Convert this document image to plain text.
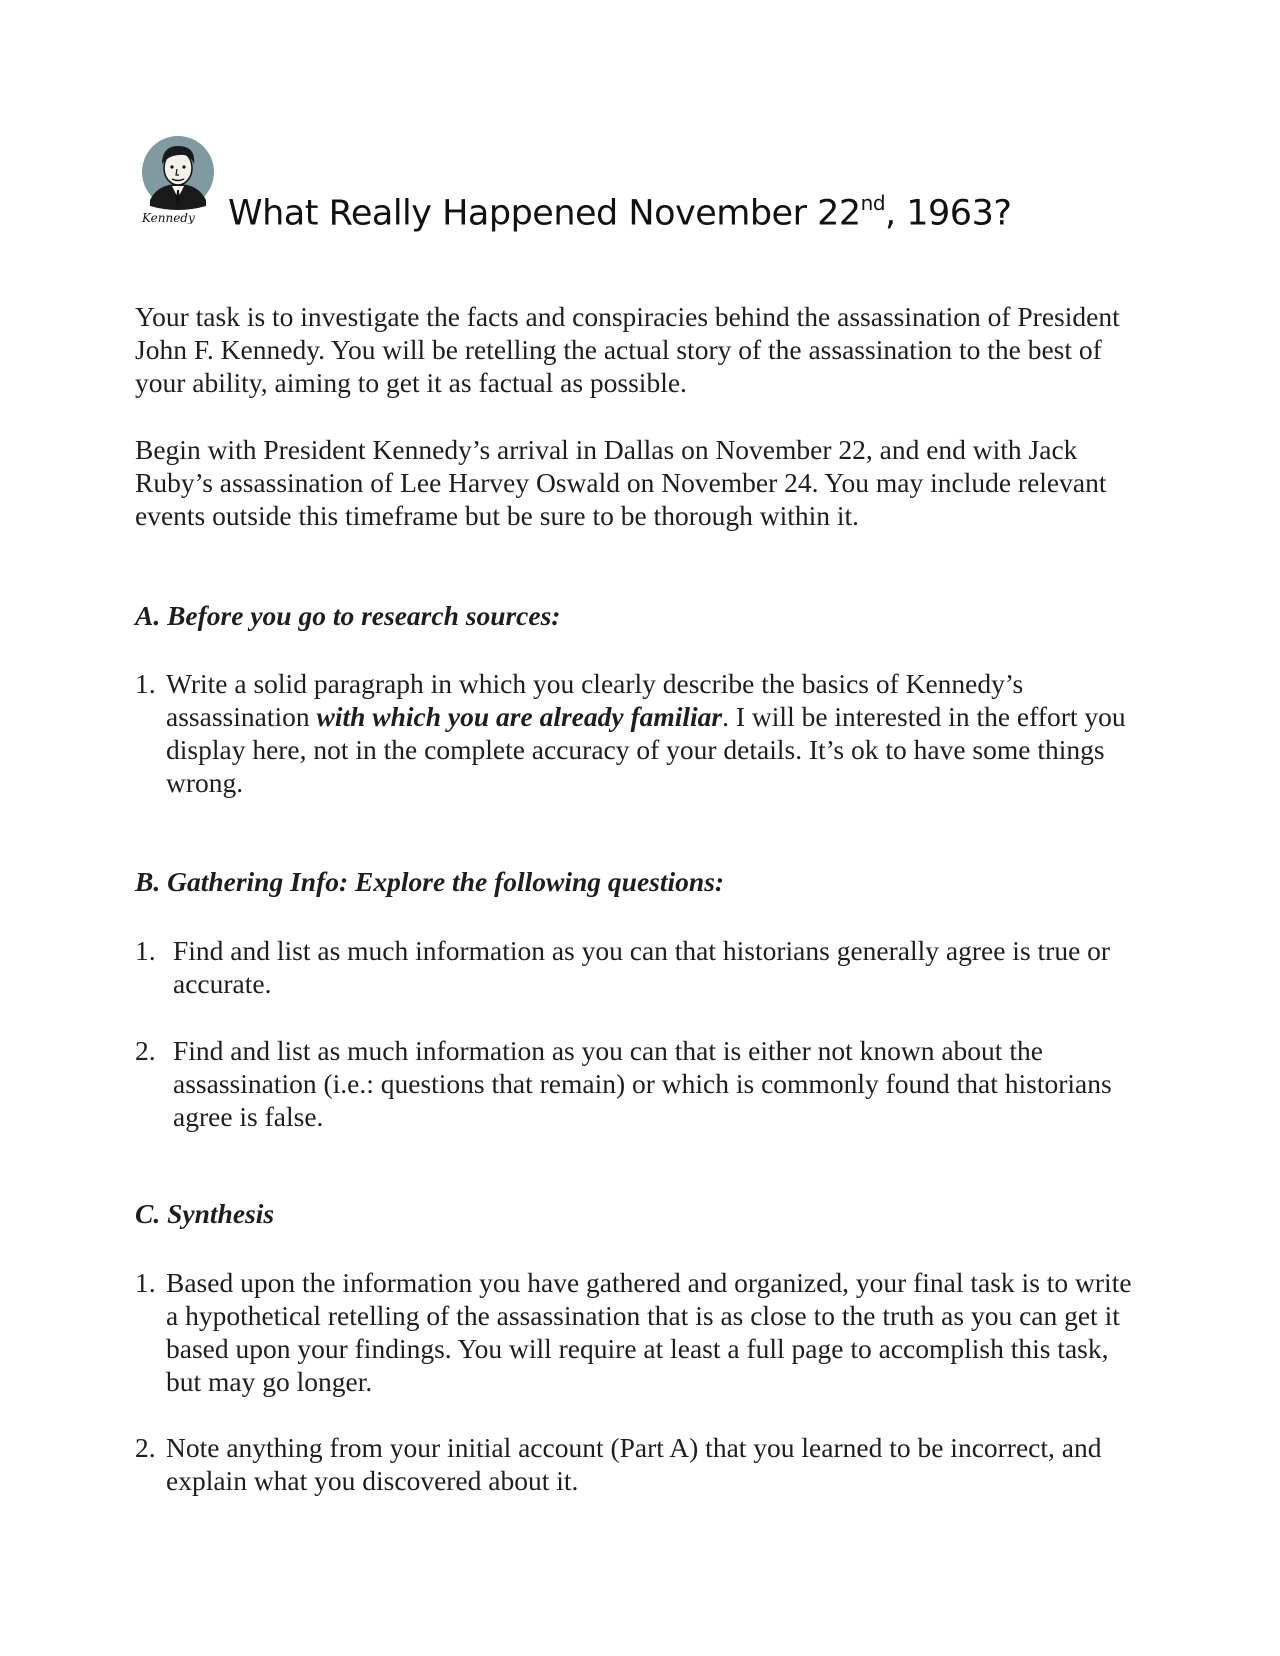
Kennedy What Really Happened November 22nd, 1963?

Your task is to investigate the facts and conspiracies behind the assassination of President John F. Kennedy. You will be retelling the actual story of the assassination to the best of your ability, aiming to get it as factual as possible.

Begin with President Kennedy’s arrival in Dallas on November 22, and end with Jack Ruby’s assassination of Lee Harvey Oswald on November 24. You may include relevant events outside this timeframe but be sure to be thorough within it.

A. Before you go to research sources:

1. Write a solid paragraph in which you clearly describe the basics of Kennedy’s assassination with which you are already familiar. I will be interested in the effort you display here, not in the complete accuracy of your details. It’s ok to have some things wrong.

B. Gathering Info: Explore the following questions:

1. Find and list as much information as you can that historians generally agree is true or accurate.
2. Find and list as much information as you can that is either not known about the assassination (i.e.: questions that remain) or which is commonly found that historians agree is false.

C. Synthesis

1. Based upon the information you have gathered and organized, your final task is to write a hypothetical retelling of the assassination that is as close to the truth as you can get it based upon your findings. You will require at least a full page to accomplish this task, but may go longer.
2. Note anything from your initial account (Part A) that you learned to be incorrect, and explain what you discovered about it.
